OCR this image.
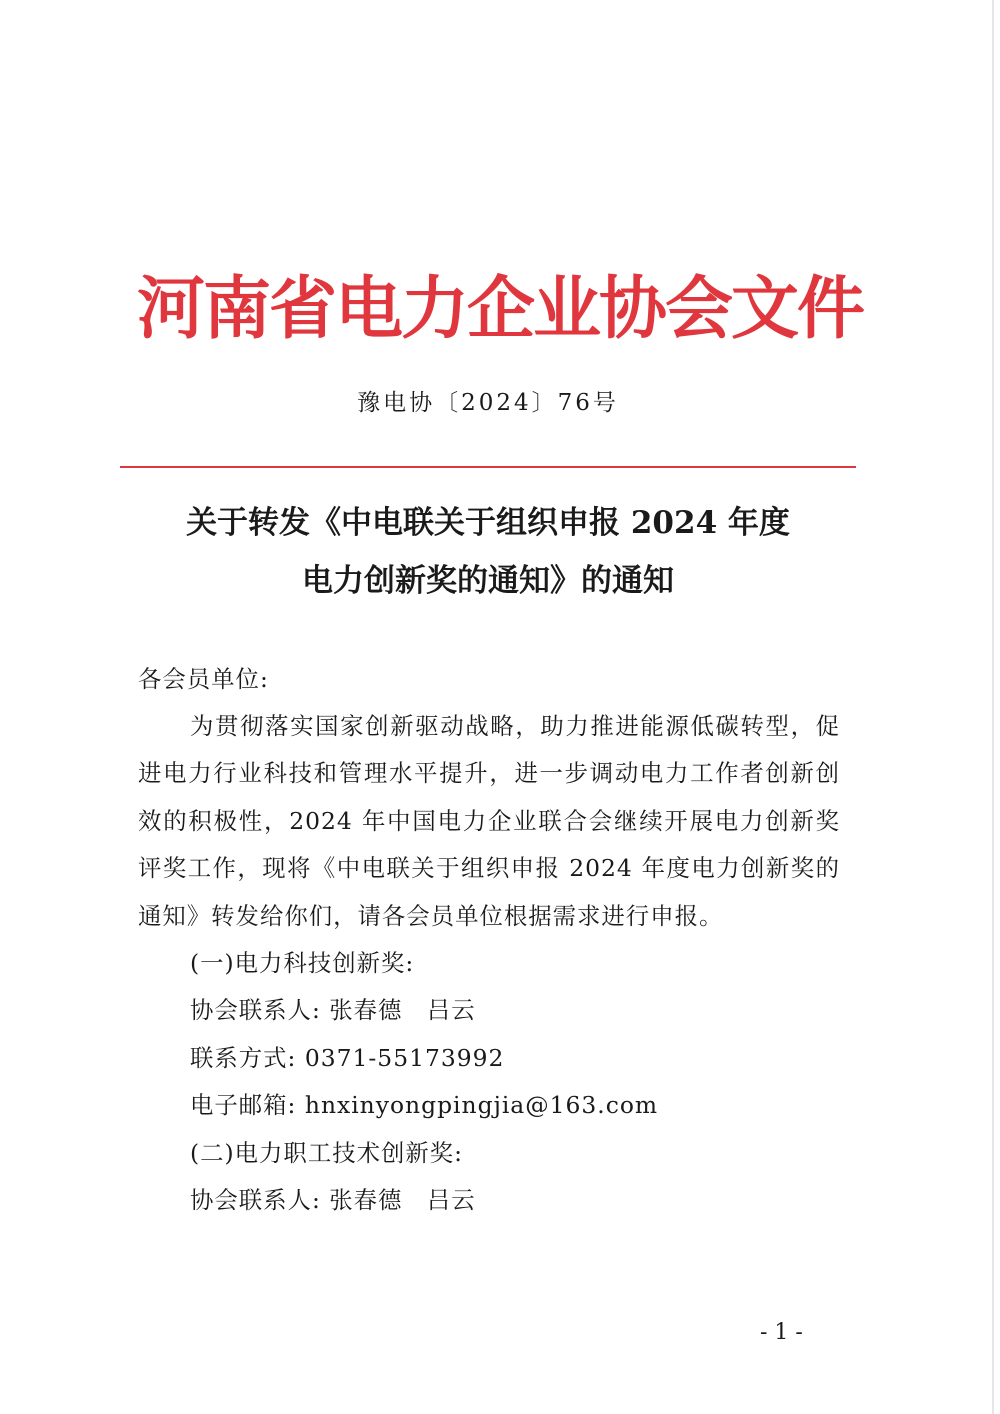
河南省电力企业协会文件
豫电协〔2024〕76号
关于转发《中电联关于组织申报 2024 年度
电力创新奖的通知》的通知
各会员单位:

为贯彻落实国家创新驱动战略，助力推进能源低碳转型，促进电力行业科技和管理水平提升，进一步调动电力工作者创新创效的积极性，2024 年中国电力企业联合会继续开展电力创新奖评奖工作，现将《中电联关于组织申报 2024 年度电力创新奖的通知》转发给你们，请各会员单位根据需求进行申报。

(一)电力科技创新奖:
协会联系人: 张春德　吕云
联系方式: 0371-55173992
电子邮箱: hnxinyongpingjia@163.com
(二)电力职工技术创新奖:
协会联系人: 张春德　吕云
- 1 -
